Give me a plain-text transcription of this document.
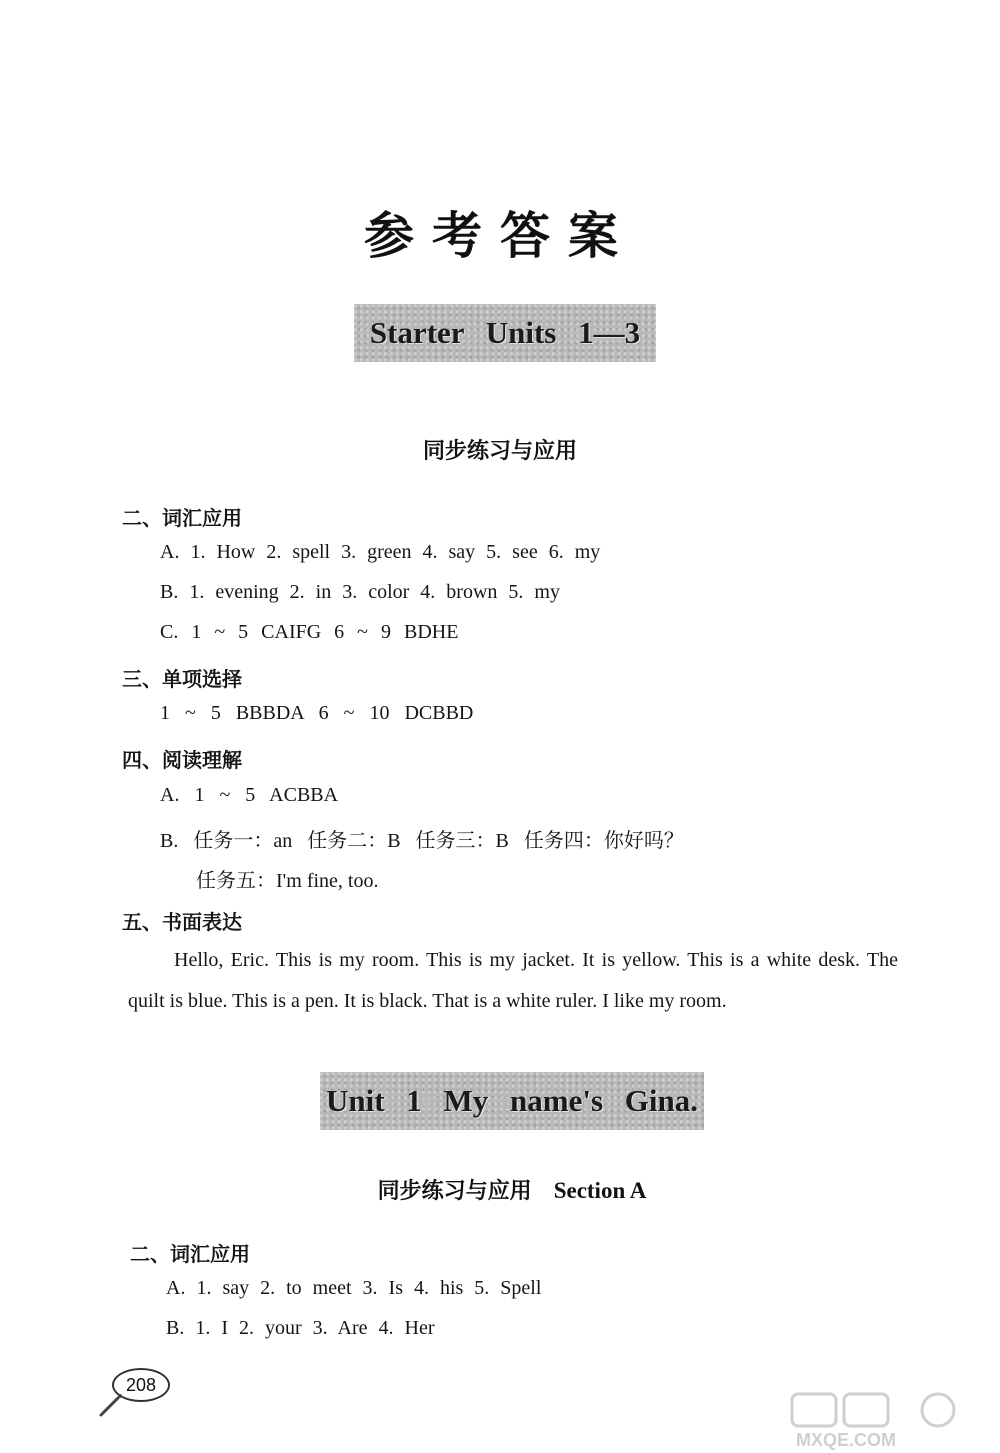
参考答案
Starter Units 1—3
同步练习与应用
二、词汇应用
A. 1. How 2. spell 3. green 4. say 5. see 6. my
B. 1. evening 2. in 3. color 4. brown 5. my
C. 1 ~ 5 CAIFG 6 ~ 9 BDHE
三、单项选择
1 ~ 5 BBBDA 6 ~ 10 DCBBD
四、阅读理解
A. 1 ~ 5 ACBBA
B. 任务一：an 任务二：B 任务三：B 任务四：你好吗？
任务五：I'm fine, too.
五、书面表达
Hello, Eric. This is my room. This is my jacket. It is yellow. This is a white desk. The quilt is blue. This is a pen. It is black. That is a white ruler. I like my room.
Unit 1 My name's Gina.
同步练习与应用 Section A
二、词汇应用
A. 1. say 2. to meet 3. Is 4. his 5. Spell
B. 1. I 2. your 3. Are 4. Her
208
MXQE.COM
